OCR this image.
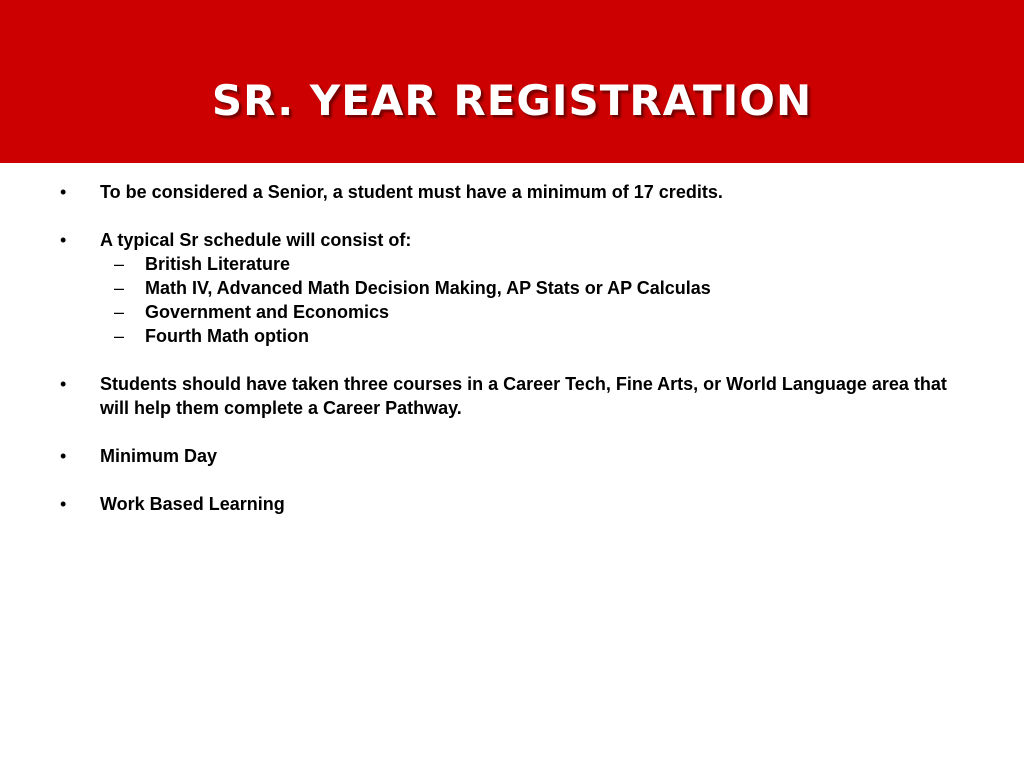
SR. YEAR REGISTRATION
• To be considered a Senior, a student must have a minimum of 17 credits.
• A typical Sr schedule will consist of:
– British Literature
– Math IV, Advanced Math Decision Making, AP Stats or AP Calculas
– Government and Economics
– Fourth Math option
• Students should have taken three courses in a Career Tech, Fine Arts, or World Language area that will help them complete a Career Pathway.
• Minimum Day
• Work Based Learning
